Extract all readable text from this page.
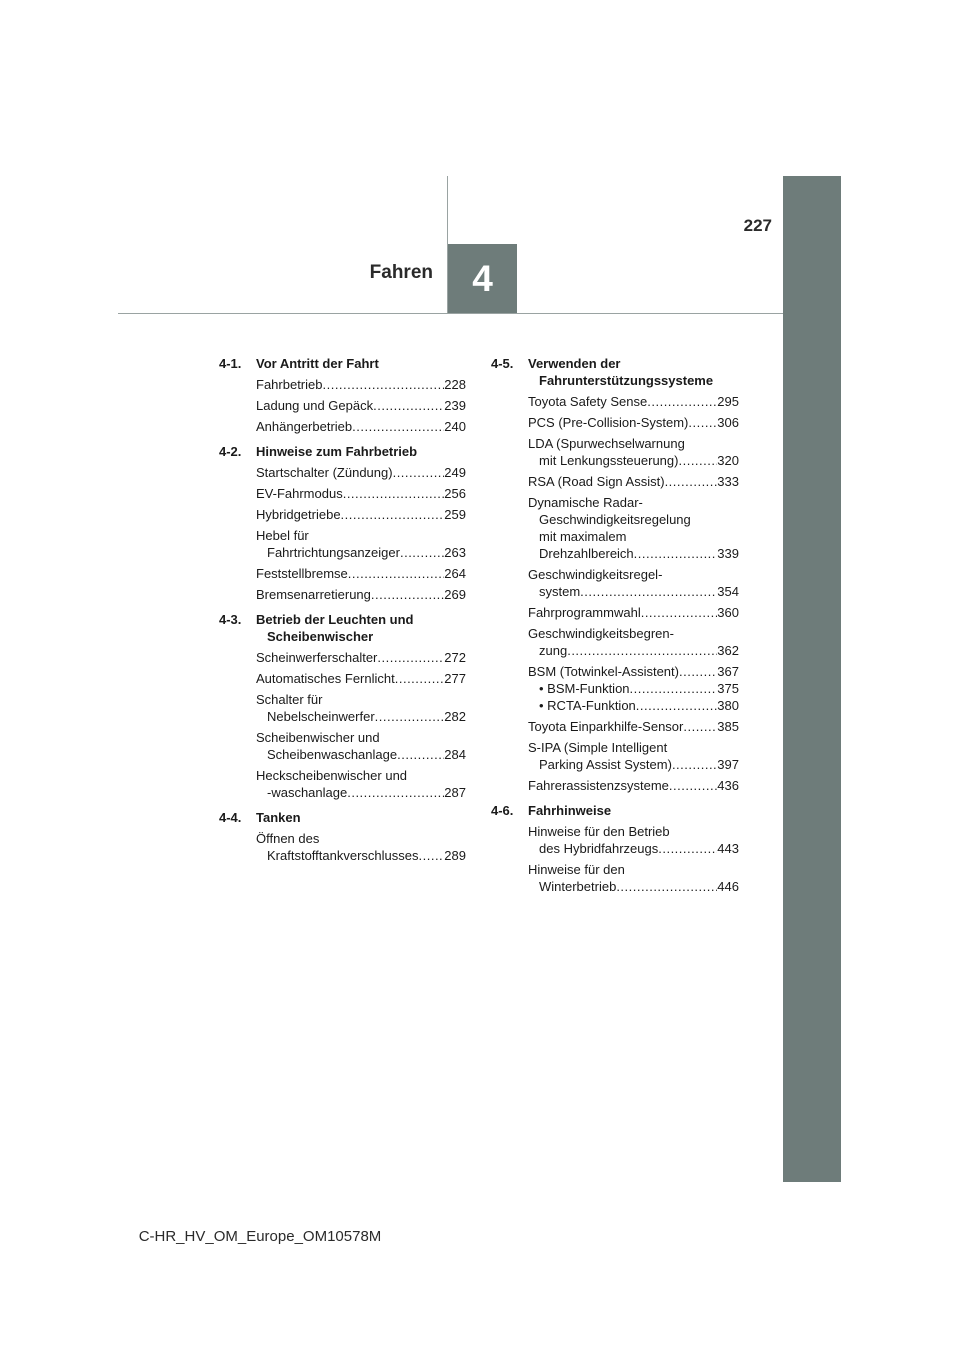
227
Fahren 4
4-1.	Vor Antritt der Fahrt
Fahrbetrieb .....	228
Ladung und Gepäck .....	239
Anhängerbetrieb .....	240
4-2.	Hinweise zum Fahrbetrieb
Startschalter (Zündung) .....	249
EV-Fahrmodus .....	256
Hybridgetriebe .....	259
Hebel für
Fahrtrichtungsanzeiger .....	263
Feststellbremse .....	264
Bremsenarretierung .....	269
4-3.	Betrieb der Leuchten und Scheibenwischer
Scheinwerferschalter .....	272
Automatisches Fernlicht .....	277
Schalter für
Nebelscheinwerfer .....	282
Scheibenwischer und
Scheibenwaschanlage .....	284
Heckscheibenwischer und
-waschanlage .....	287
4-4.	Tanken
Öffnen des
Kraftstofftankverschlusses ..... 289
4-5.	Verwenden der Fahrunterstützungssysteme
Toyota Safety Sense .....	295
PCS (Pre-Collision-System) ..... 306
LDA (Spurwechselwarnung
mit Lenkungssteuerung) .....	320
RSA (Road Sign Assist) .....	333
Dynamische Radar-
Geschwindigkeitsregelung
mit maximalem
Drehzahlbereich .....	339
Geschwindigkeitsregel-
system .....	354
Fahrprogrammwahl .....	360
Geschwindigkeitsbegren-
zung .....	362
BSM (Totwinkel-Assistent) .....	367
• BSM-Funktion .....	375
• RCTA-Funktion .....	380
Toyota Einparkhilfe-Sensor .....	385
S-IPA (Simple Intelligent
Parking Assist System) .....	397
Fahrerassistenzsysteme .....	436
4-6.	Fahrhinweise
Hinweise für den Betrieb
des Hybridfahrzeugs .....	443
Hinweise für den
Winterbetrieb .....	446
C-HR_HV_OM_Europe_OM10578M
